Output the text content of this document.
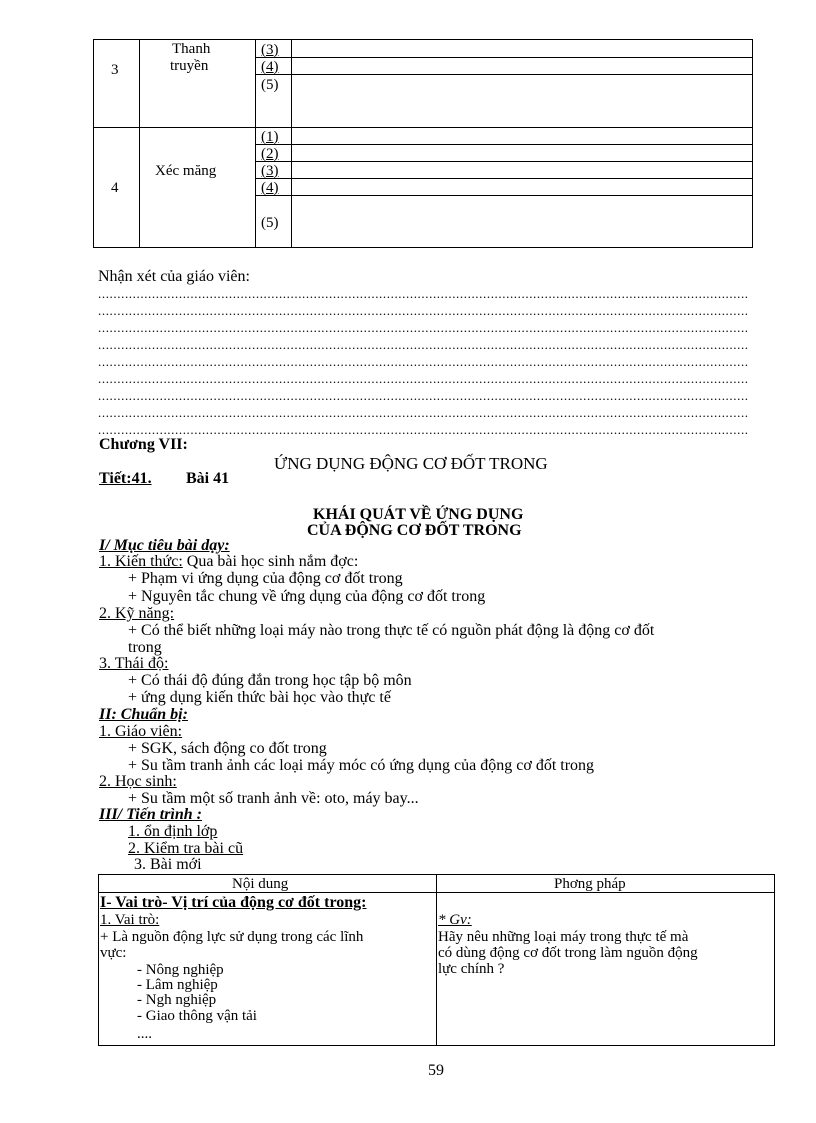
3
Thanh
truyền
(3)
(4)
(5)
4
Xéc măng
(1)
(2)
(3)
(4)
(5)
Nhận xét của giáo viên:
.........................................................................................................................................................................
.........................................................................................................................................................................
.........................................................................................................................................................................
.........................................................................................................................................................................
.........................................................................................................................................................................
.........................................................................................................................................................................
.........................................................................................................................................................................
.........................................................................................................................................................................
.........................................................................................................................................................................
Chương VII:
ỨNG DỤNG ĐỘNG CƠ ĐỐT TRONG
Tiết:41. Bài 41
KHÁI QUÁT VỀ ỨNG DỤNG
CỦA ĐỘNG CƠ ĐỐT TRONG
I/ Mục tiêu bài dạy:
1. Kiến thức: Qua bài học sinh nắm đợc:
+ Phạm vi ứng dụng của động cơ đốt trong
+ Nguyên tắc chung về ứng dụng của động cơ đốt trong
2. Kỹ năng:
+ Có thể biết những loại máy nào trong thực tế có nguồn phát động là động cơ đốt
trong
3. Thái độ:
+ Có thái độ đúng đắn trong học tập bộ môn
+ ứng dụng kiến thức bài học vào thực tế
II: Chuẩn bị:
1. Giáo viên:
+ SGK, sách động co đốt trong
+ Su tầm tranh ảnh các loại máy móc có ứng dụng của động cơ đốt trong
2. Học sinh:
+ Su tầm một số tranh ảnh về: oto, máy bay...
III/ Tiến trình :
1. ổn định lớp
2. Kiểm tra bài cũ
3. Bài mới
Nội dung	Phơng pháp
I- Vai trò- Vị trí của động cơ đốt trong:
1. Vai trò:
+ Là nguồn động lực sử dụng trong các lĩnh
vực:
- Nông nghiệp
- Lâm nghiệp
- Ngh nghiệp
- Giao thông vận tải
....
* Gv:
Hãy nêu những loại máy trong thực tế mà
có dùng động cơ đốt trong làm nguồn động
lực chính ?
59
